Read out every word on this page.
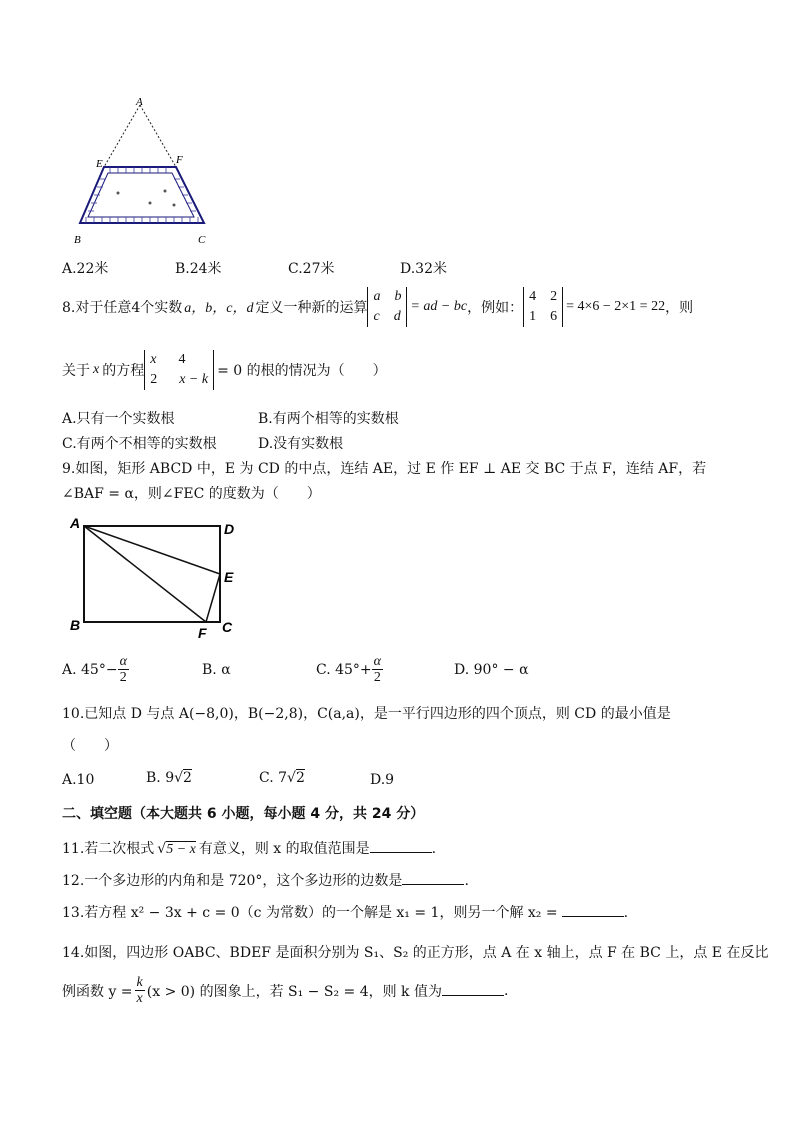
A
E	F
B	C
A.22米	B.24米	C.27米	D.32米
8.对于任意4个实数 a，b，c，d 定义一种新的运算
a b
c d
= ad − bc ，例如：
4 2
1 6
= 4×6 − 2×1 = 22 ，则
关于 x 的方程
x 4
2 x − k
= 0 的根的情况为（　　）
A.只有一个实数根	B.有两个相等的实数根
C.有两个不相等的实数根	D.没有实数根
9.如图，矩形 ABCD 中，E 为 CD 的中点，连结 AE，过 E 作 EF ⊥ AE 交 BC 于点 F，连结 AF，若
∠BAF = α，则∠FEC 的度数为（　　）
A	D
E
B	F C
A. $45^\circ- \frac{\alpha}{2}$	B. α	C. $45^\circ+ \frac{\alpha}{2}$	D. 90° − α
10.已知点 D 与点 A(−8,0)，B(−2,8)，C(a,a)，是一平行四边形的四个顶点，则 CD 的最小值是
（　　）
A.10	B. 9√2	C. 7√2	D.9
二、填空题（本大题共 6 小题，每小题 4 分，共 24 分）
11.若二次根式 √5 − x 有意义，则 x 的取值范围是	.
12.一个多边形的内角和是 720°，这个多边形的边数是	.
13.若方程 x² − 3x + c = 0（c 为常数）的一个解是 x₁ = 1，则另一个解 x₂ =	.
14.如图，四边形 OABC、BDEF 是面积分别为 S₁、S₂ 的正方形，点 A 在 x 轴上，点 F 在 BC 上，点 E 在反比
例函数 $y = \frac{k}{x} (x > 0)$ 的图象上，若 S₁ − S₂ = 4，则 k 值为	.
